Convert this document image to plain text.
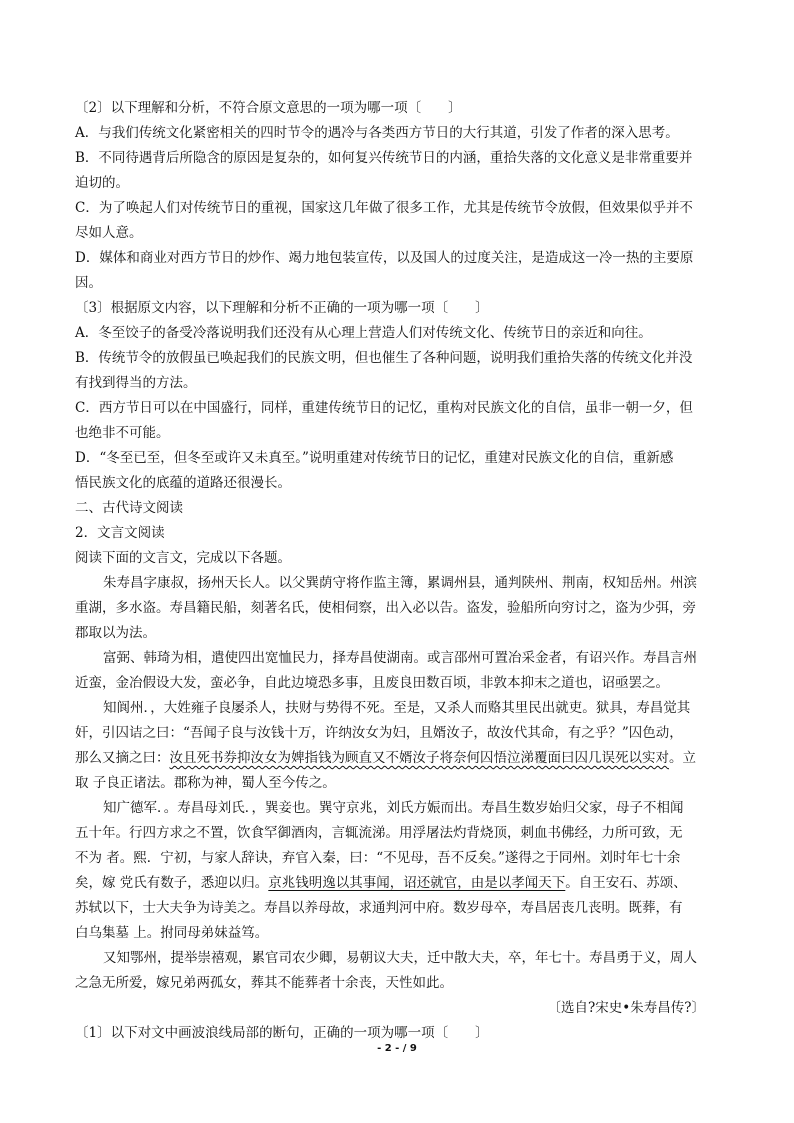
〔2〕以下理解和分析，不符合原文意思的一项为哪一项〔　　〕
A．与我们传统文化紧密相关的四时节令的遇冷与各类西方节日的大行其道，引发了作者的深入思考。
B．不同待遇背后所隐含的原因是复杂的，如何复兴传统节日的内涵，重拾失落的文化意义是非常重要并
迫切的。
C．为了唤起人们对传统节日的重视，国家这几年做了很多工作，尤其是传统节令放假，但效果似乎并不
尽如人意。
D．媒体和商业对西方节日的炒作、竭力地包装宣传，以及国人的过度关注，是造成这一冷一热的主要原
因。
〔3〕根据原文内容，以下理解和分析不正确的一项为哪一项〔　　〕
A．冬至饺子的备受冷落说明我们还没有从心理上营造人们对传统文化、传统节日的亲近和向往。
B．传统节令的放假虽已唤起我们的民族文明，但也催生了各种问题，说明我们重拾失落的传统文化并没
有找到得当的方法。
C．西方节日可以在中国盛行，同样，重建传统节日的记忆，重构对民族文化的自信，虽非一朝一夕，但
也绝非不可能。
D．“冬至已至，但冬至或许又未真至。”说明重建对传统节日的记忆，重建对民族文化的自信，重新感
悟民族文化的底蕴的道路还很漫长。
二、古代诗文阅读
2．文言文阅读
阅读下面的文言文，完成以下各题。
朱寿昌字康叔，扬州天长人。以父巽荫守将作监主簿，累调州县，通判陕州、荆南，权知岳州。州滨
重湖，多水盗。寿昌籍民船，刻著名氏，使相伺察，出入必以告。盗发，验船所向穷讨之，盗为少弭，旁
郡取以为法。
富弼、韩琦为相，遣使四出宽恤民力，择寿昌使湖南。或言邵州可置冶采金者，有诏兴作。寿昌言州
近蛮，金冶假设大发，蛮必争，自此边境恐多事，且废良田数百顷，非敦本抑末之道也，诏亟罢之。
知阆州．，大姓雍子良屡杀人，扶财与势得不死。至是，又杀人而赂其里民出就吏。狱具，寿昌觉其
奸，引囚诘之曰：“吾闻子良与汝钱十万，许纳汝女为妇，且婿汝子，故汝代其命，有之乎？”囚色动，
那么又摘之曰：汝且死书券抑汝女为婢指钱为顾直又不婿汝子将奈何囚悟泣涕覆面曰囚几误死以实对。立
取 子良正诸法。郡称为神，蜀人至今传之。
知广德军．。寿昌母刘氏．，巽妾也。巽守京兆，刘氏方娠而出。寿昌生数岁始归父家，母子不相闻
五十年。行四方求之不置，饮食罕御酒肉，言辄流涕。用浮屠法灼背烧顶，刺血书佛经，力所可致，无
不为 者。熙．宁初，与家人辞诀，弃官入秦，曰：“不见母，吾不反矣。”遂得之于同州。刘时年七十余
矣，嫁 党氏有数子，悉迎以归。京兆钱明逸以其事闻，诏还就官，由是以孝闻天下。自王安石、苏颂、
苏轼以下，士大夫争为诗美之。寿昌以养母故，求通判河中府。数岁母卒，寿昌居丧几丧明。既葬，有
白乌集墓 上。拊同母弟妹益笃。
又知鄂州，提举崇禧观，累官司农少卿，易朝议大夫，迁中散大夫，卒，年七十。寿昌勇于义，周人
之急无所爱，嫁兄弟两孤女，葬其不能葬者十余丧，天性如此。
〔选自?宋史•朱寿昌传?〕
〔1〕以下对文中画波浪线局部的断句，正确的一项为哪一项〔　　〕
- 2 - / 9
